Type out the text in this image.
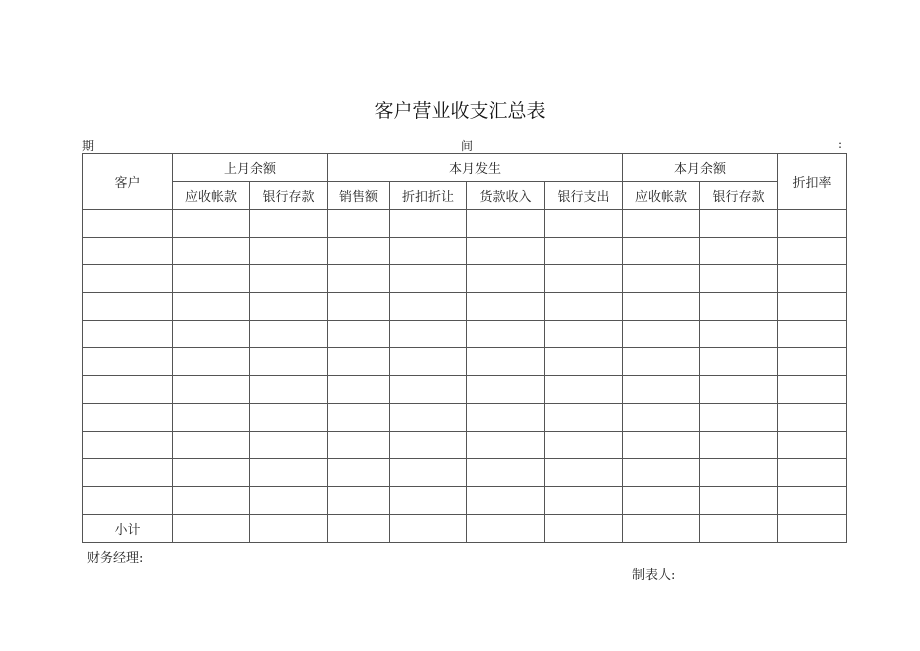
客户营业收支汇总表
期	间	:
客户	上月余额		本月发生				本月余额		折扣率
	应收帐款	银行存款	销售额	折扣折让	货款收入	银行支出	应收帐款	银行存款	

小计									
财务经理:
制表人:
